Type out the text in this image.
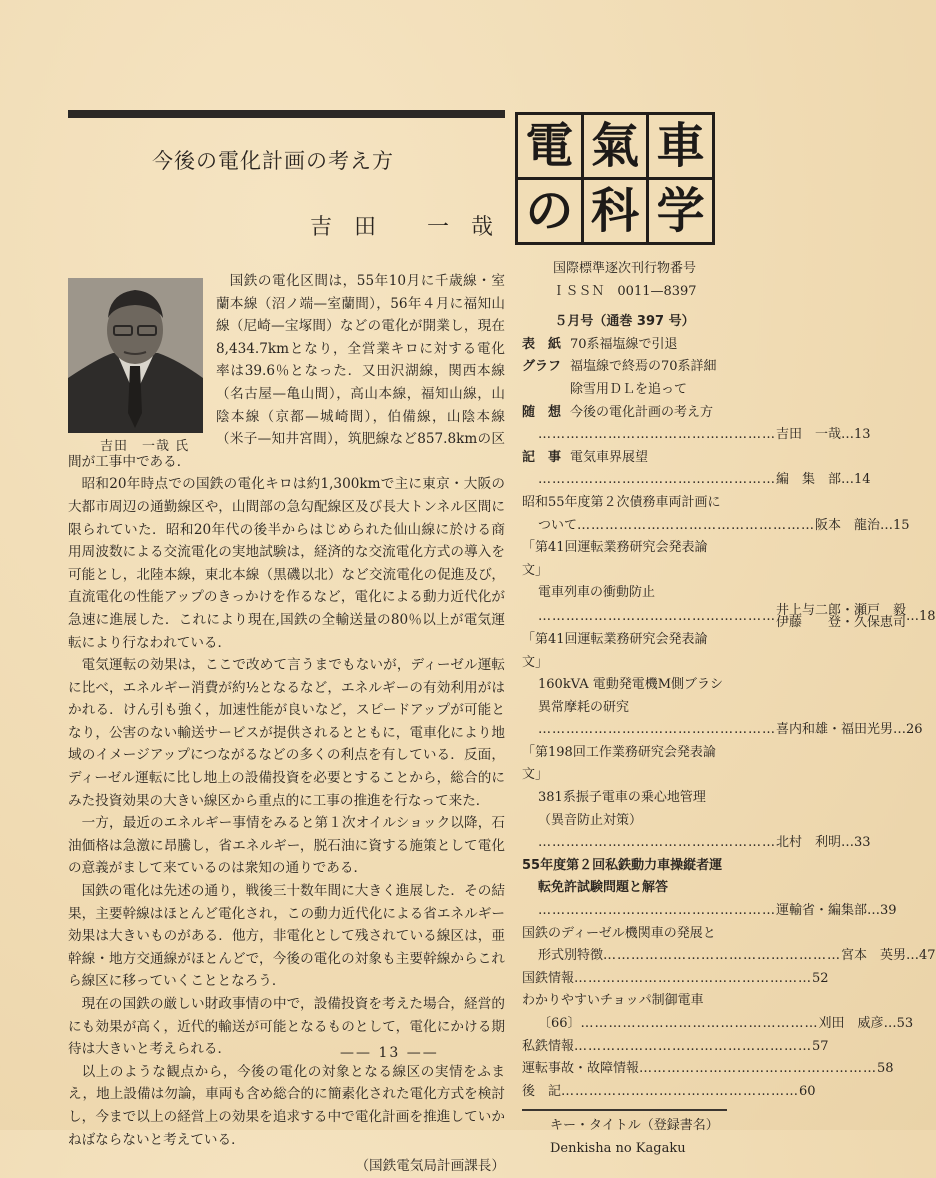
今後の電化計画の考え方
吉田 一哉
電 氣 車
の 科 学
吉田　一哉 氏

国鉄の電化区間は，55年10月に千歳線・室蘭本線（沼ノ端—室蘭間），56年４月に福知山線（尼崎—宝塚間）などの電化が開業し，現在8,434.7kmとなり，全営業キロに対する電化率は39.6％となった．又田沢湖線，関西本線（名古屋—亀山間），高山本線，福知山線，山陰本線（京都—城崎間），伯備線，山陰本線（米子—知井宮間），筑肥線など857.8kmの区間が工事中である．

昭和20年時点での国鉄の電化キロは約1,300kmで主に東京・大阪の大都市周辺の通勤線区や，山間部の急勾配線区及び長大トンネル区間に限られていた．昭和20年代の後半からはじめられた仙山線に於ける商用周波数による交流電化の実地試験は，経済的な交流電化方式の導入を可能とし，北陸本線，東北本線（黒磯以北）など交流電化の促進及び，直流電化の性能アップのきっかけを作るなど，電化による動力近代化が急速に進展した．これにより現在,国鉄の全輸送量の80％以上が電気運転により行なわれている．

電気運転の効果は，ここで改めて言うまでもないが，ディーゼル運転に比べ，エネルギー消費が約½となるなど，エネルギーの有効利用がはかれる．けん引も強く，加速性能が良いなど，スピードアップが可能となり，公害のない輸送サービスが提供されるとともに，電車化により地域のイメージアップにつながるなどの多くの利点を有している．反面，ディーゼル運転に比し地上の設備投資を必要とすることから，総合的にみた投資効果の大きい線区から重点的に工事の推進を行なって来た．

一方，最近のエネルギー事情をみると第１次オイルショック以降，石油価格は急激に昂騰し，省エネルギー，脱石油に資する施策として電化の意義がまして来ているのは衆知の通りである．

国鉄の電化は先述の通り，戦後三十数年間に大きく進展した．その結果，主要幹線はほとんど電化され，この動力近代化による省エネルギー効果は大きいものがある．他方，非電化として残されている線区は，亜幹線・地方交通線がほとんどで，今後の電化の対象も主要幹線からこれら線区に移っていくこととなろう．

現在の国鉄の厳しい財政事情の中で，設備投資を考えた場合，経営的にも効果が高く，近代的輸送が可能となるものとして，電化にかける期待は大きいと考えられる．

以上のような観点から，今後の電化の対象となる線区の実情をふまえ，地上設備は勿論，車両も含め総合的に簡素化された電化方式を検討し，今まで以上の経営上の効果を追求する中で電化計画を推進していかねばならないと考えている．

（国鉄電気局計画課長）
—— 13 ——
国際標準逐次刊行物番号
ＩＳＳＮ　0011—8397
５月号（通巻 397 号）
表　紙 70系福塩線で引退
グラフ 福塩線で終焉の70系詳細
除雪用ＤＬを追って
随　想 今後の電化計画の考え方
…………………………………………… 吉田　一哉 … 13
記　事 電気車界展望
…………………………………………… 編　集　部 … 14
昭和55年度第２次債務車両計画に
ついて …………………………………………… 阪本　龍治 … 15
「第41回運転業務研究会発表論文」
電車列車の衝動防止
…………………………………………… 井上与二郎・瀬戸　毅
伊藤　　登・久保恵司 … 18
「第41回運転業務研究会発表論文」
160kVA 電動発電機M側ブラシ
異常摩耗の研究
…………………………………………… 喜内和雄・福田光男 … 26
「第198回工作業務研究会発表論文」
381系振子電車の乗心地管理
（異音防止対策）
…………………………………………… 北村　利明 … 33
55年度第２回私鉄動力車操縦者運
転免許試験問題と解答
…………………………………………… 運輸省・編集部 … 39
国鉄のディーゼル機関車の発展と
形式別特徴 …………………………………………… 宮本　英男 … 47
国鉄情報 …………………………………………… 52
わかりやすいチョッパ制御電車
〔66〕 …………………………………………… 刈田　威彦 … 53
私鉄情報 …………………………………………… 57
運転事故・故障情報 …………………………………………… 58
後　記 …………………………………………… 60
キー・タイトル（登録書名）
Denkisha no Kagaku
